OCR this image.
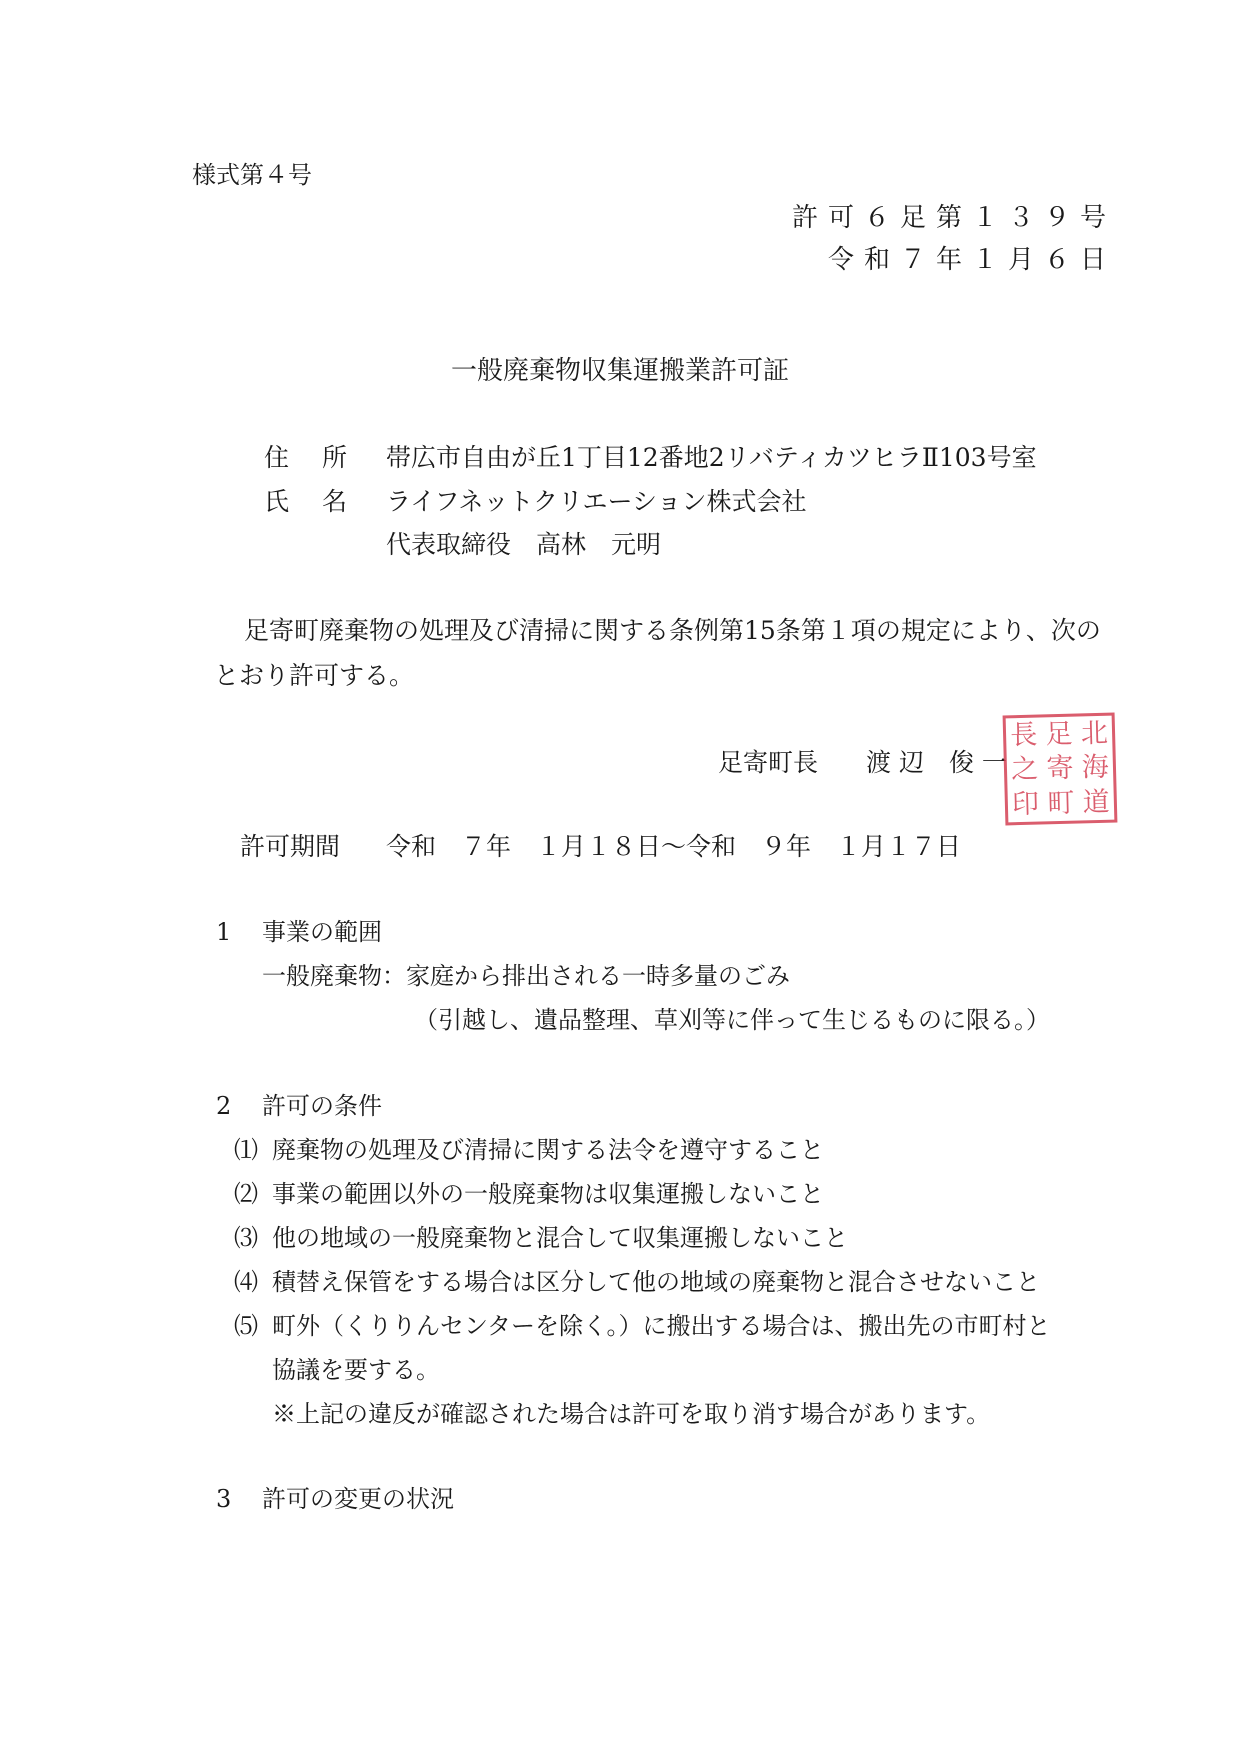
様式第４号
許可６足第１３９号
令和７年１月６日
一般廃棄物収集運搬業許可証
住　所 帯広市自由が丘1丁目12番地2リバティカツヒラⅡ103号室
氏　名 ライフネットクリエーション株式会社
代表取締役　高林　元明
足寄町廃棄物の処理及び清掃に関する条例第15条第１項の規定により、次の
とおり許可する。
足寄町長 渡 辺　俊 一
長 足 北
之 寄 海
印 町 道
許可期間 令和　７年　１月１８日～令和　９年　１月１７日
1 事業の範囲
一般廃棄物：家庭から排出される一時多量のごみ
（引越し、遺品整理、草刈等に伴って生じるものに限る。）
2 許可の条件
⑴ 廃棄物の処理及び清掃に関する法令を遵守すること
⑵ 事業の範囲以外の一般廃棄物は収集運搬しないこと
⑶ 他の地域の一般廃棄物と混合して収集運搬しないこと
⑷ 積替え保管をする場合は区分して他の地域の廃棄物と混合させないこと
⑸ 町外（くりりんセンターを除く。）に搬出する場合は、搬出先の市町村と
協議を要する。
※上記の違反が確認された場合は許可を取り消す場合があります。
3 許可の変更の状況
